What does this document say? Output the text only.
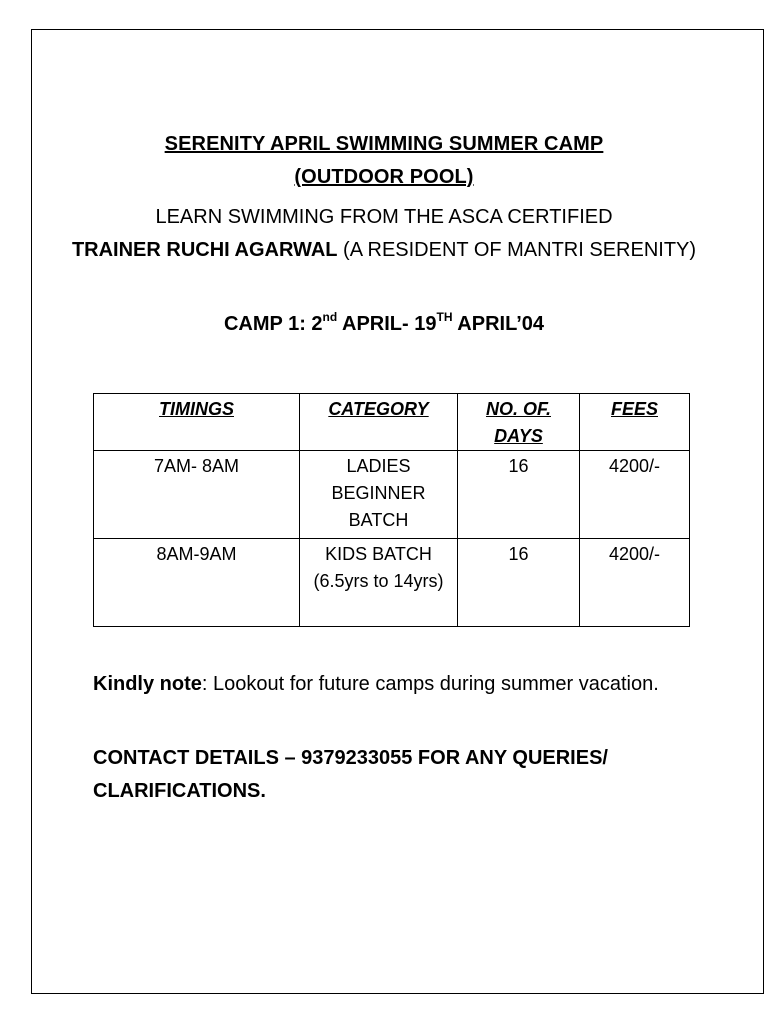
SERENITY APRIL SWIMMING SUMMER CAMP
(OUTDOOR POOL)
LEARN SWIMMING FROM THE ASCA CERTIFIED
TRAINER RUCHI AGARWAL (A RESIDENT OF MANTRI SERENITY)
CAMP 1: 2nd APRIL- 19TH APRIL’04
TIMINGS	CATEGORY	NO. OF. DAYS	FEES
7AM- 8AM	LADIES BEGINNER BATCH	16	4200/-
8AM-9AM	KIDS BATCH (6.5yrs to 14yrs)	16	4200/-
Kindly note: Lookout for future camps during summer vacation.
CONTACT DETAILS – 9379233055 FOR ANY QUERIES/ CLARIFICATIONS.
